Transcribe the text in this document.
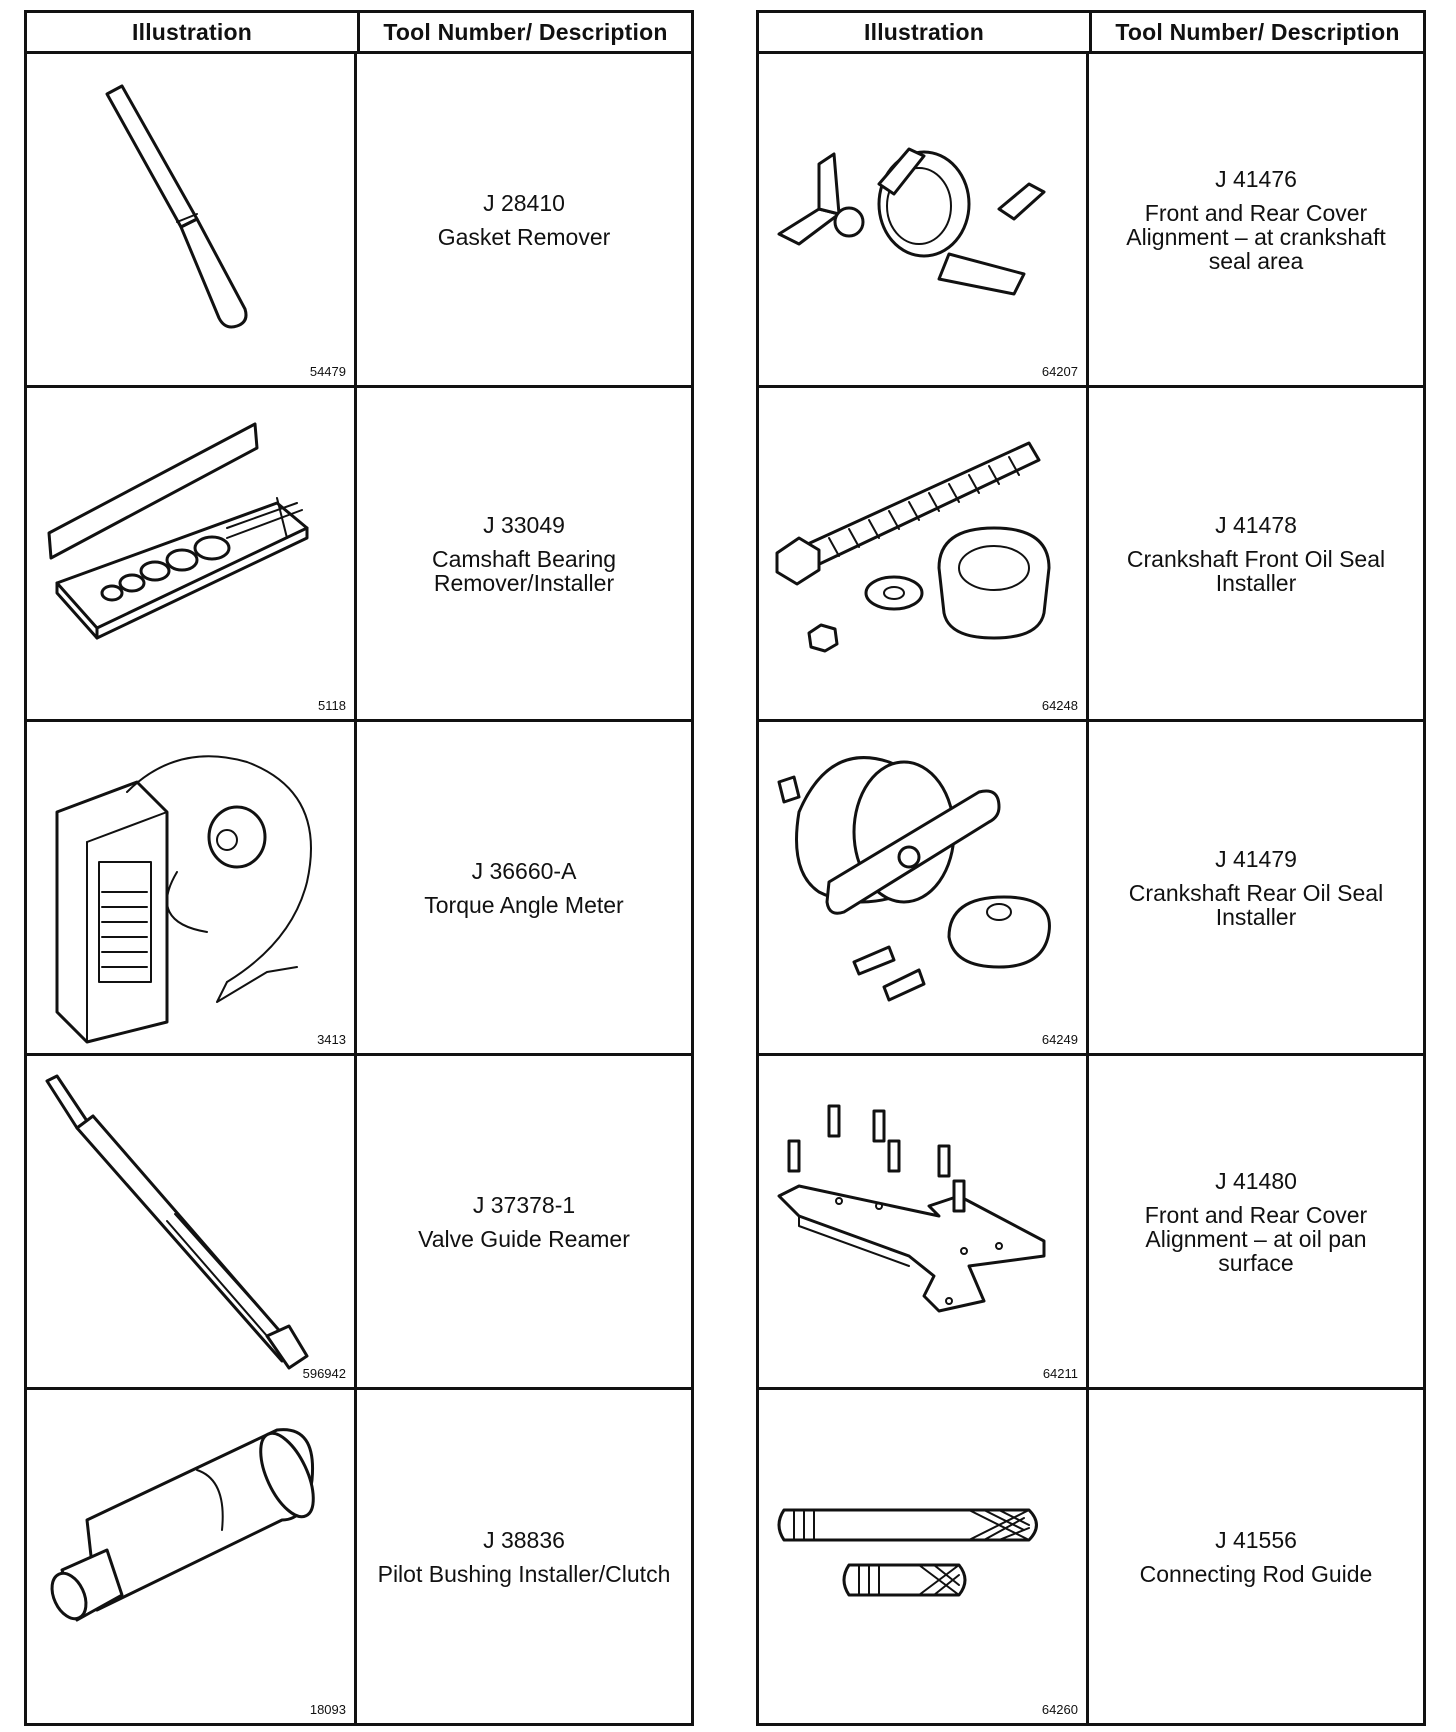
Illustration	Tool Number/ Description
54479
J 28410
Gasket Remover
5118
J 33049
Camshaft Bearing
Remover/Installer
3413
J 36660-A
Torque Angle Meter
596942
J 37378-1
Valve Guide Reamer
18093
J 38836
Pilot Bushing Installer/Clutch
Illustration	Tool Number/ Description
64207
J 41476
Front and Rear Cover
Alignment – at crankshaft
seal area
64248
J 41478
Crankshaft Front Oil Seal
Installer
64249
J 41479
Crankshaft Rear Oil Seal
Installer
64211
J 41480
Front and Rear Cover
Alignment – at oil pan
surface
64260
J 41556
Connecting Rod Guide
